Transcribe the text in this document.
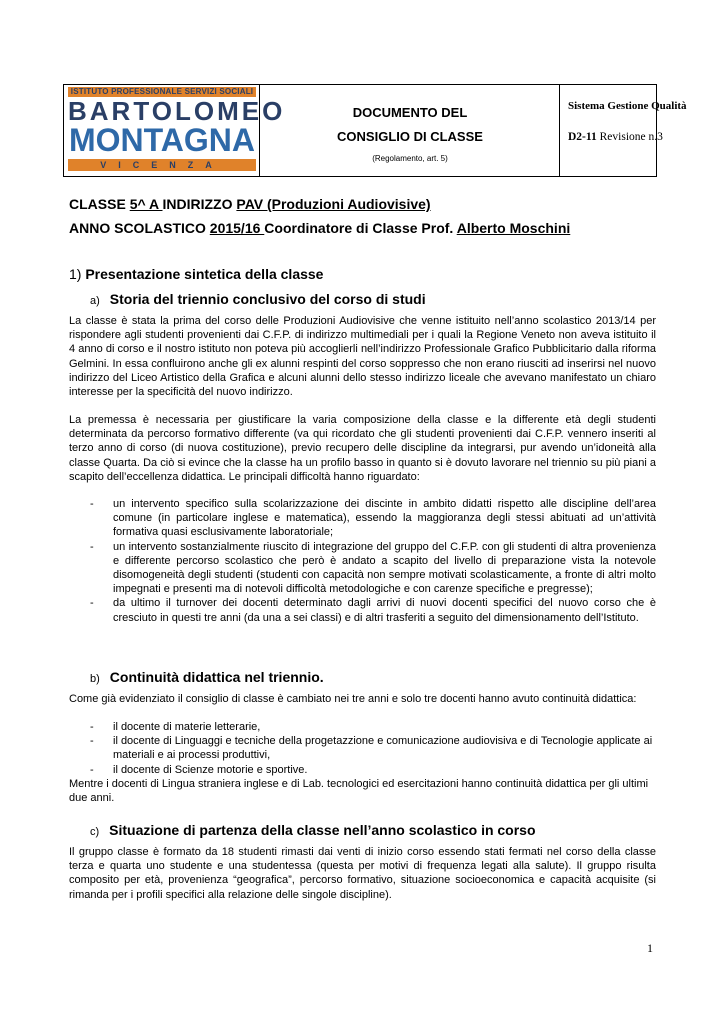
ISTITUTO PROFESSIONALE SERVIZI SOCIALI
BARTOLOMEO
MONTAGNA
VICENZA
DOCUMENTO DEL
CONSIGLIO DI CLASSE
(Regolamento, art. 5)
Sistema Gestione Qualità
D2-11 Revisione n.3
CLASSE 5^ A INDIRIZZO PAV (Produzioni Audiovisive)
ANNO SCOLASTICO 2015/16 Coordinatore di Classe Prof. Alberto Moschini
1) Presentazione sintetica della classe
a) Storia del triennio conclusivo del corso di studi
La classe è stata la prima del corso delle Produzioni Audiovisive che venne istituito nell’anno scolastico 2013/14 per rispondere agli studenti provenienti dai C.F.P. di indirizzo multimediali per i quali la Regione Veneto non aveva istituito il 4 anno di corso e il nostro istituto non poteva più accoglierli nell’indirizzo Professionale Grafico Pubblicitario dalla riforma Gelmini. In essa confluirono anche gli ex alunni respinti del corso soppresso che non erano riusciti ad inserirsi nel nuovo indirizzo del Liceo Artistico della Grafica e alcuni alunni dello stesso indirizzo liceale che avevano manifestato un chiaro interesse per la specificità del nuovo indirizzo.
La premessa è necessaria per giustificare la varia composizione della classe e la differente età degli studenti determinata da percorso formativo differente (va qui ricordato che gli studenti provenienti dai C.F.P. vennero inseriti al terzo anno di corso (di nuova costituzione), previo recupero delle discipline da integrarsi, pur avendo un’idoneità alla classe Quarta. Da ciò si evince che la classe ha un profilo basso in quanto si è dovuto lavorare nel triennio su più piani a scapito dell’eccellenza didattica. Le principali difficoltà hanno riguardato:
- un intervento specifico sulla scolarizzazione dei discinte in ambito didatti rispetto alle discipline dell’area comune (in particolare inglese e matematica), essendo la maggioranza degli stessi abituati ad un’attività formativa quasi esclusivamente laboratoriale;
- un intervento sostanzialmente riuscito di integrazione del gruppo del C.F.P. con gli studenti di altra provenienza e differente percorso scolastico che però è andato a scapito del livello di preparazione vista la notevole disomogeneità degli studenti (studenti con capacità non sempre motivati scolasticamente, a fronte di altri molto impegnati e presenti ma di notevoli difficoltà metodologiche e con carenze specifiche e pregresse);
- da ultimo il turnover dei docenti determinato dagli arrivi di nuovi docenti specifici del nuovo corso che è cresciuto in questi tre anni (da una a sei classi) e di altri trasferiti a seguito del dimensionamento dell’Istituto.
b) Continuità didattica nel triennio.
Come già evidenziato il consiglio di classe è cambiato nei tre anni e solo tre docenti hanno avuto continuità didattica:
- il docente di materie letterarie,
- il docente di Linguaggi e tecniche della progetazzione e comunicazione audiovisiva e di Tecnologie applicate ai materiali e ai processi produttivi,
- il docente di Scienze motorie e sportive.
Mentre i docenti di Lingua straniera inglese e di Lab. tecnologici ed esercitazioni hanno continuità didattica per gli ultimi due anni.
c) Situazione di partenza della classe nell’anno scolastico in corso
Il gruppo classe è formato da 18 studenti rimasti dai venti di inizio corso essendo stati fermati nel corso della classe terza e quarta uno studente e una studentessa (questa per motivi di frequenza legati alla salute). Il gruppo risulta composito per età, provenienza “geografica”, percorso formativo, situazione socioeconomica e capacità acquisite (si rimanda per i profili specifici alla relazione delle singole discipline).
1
